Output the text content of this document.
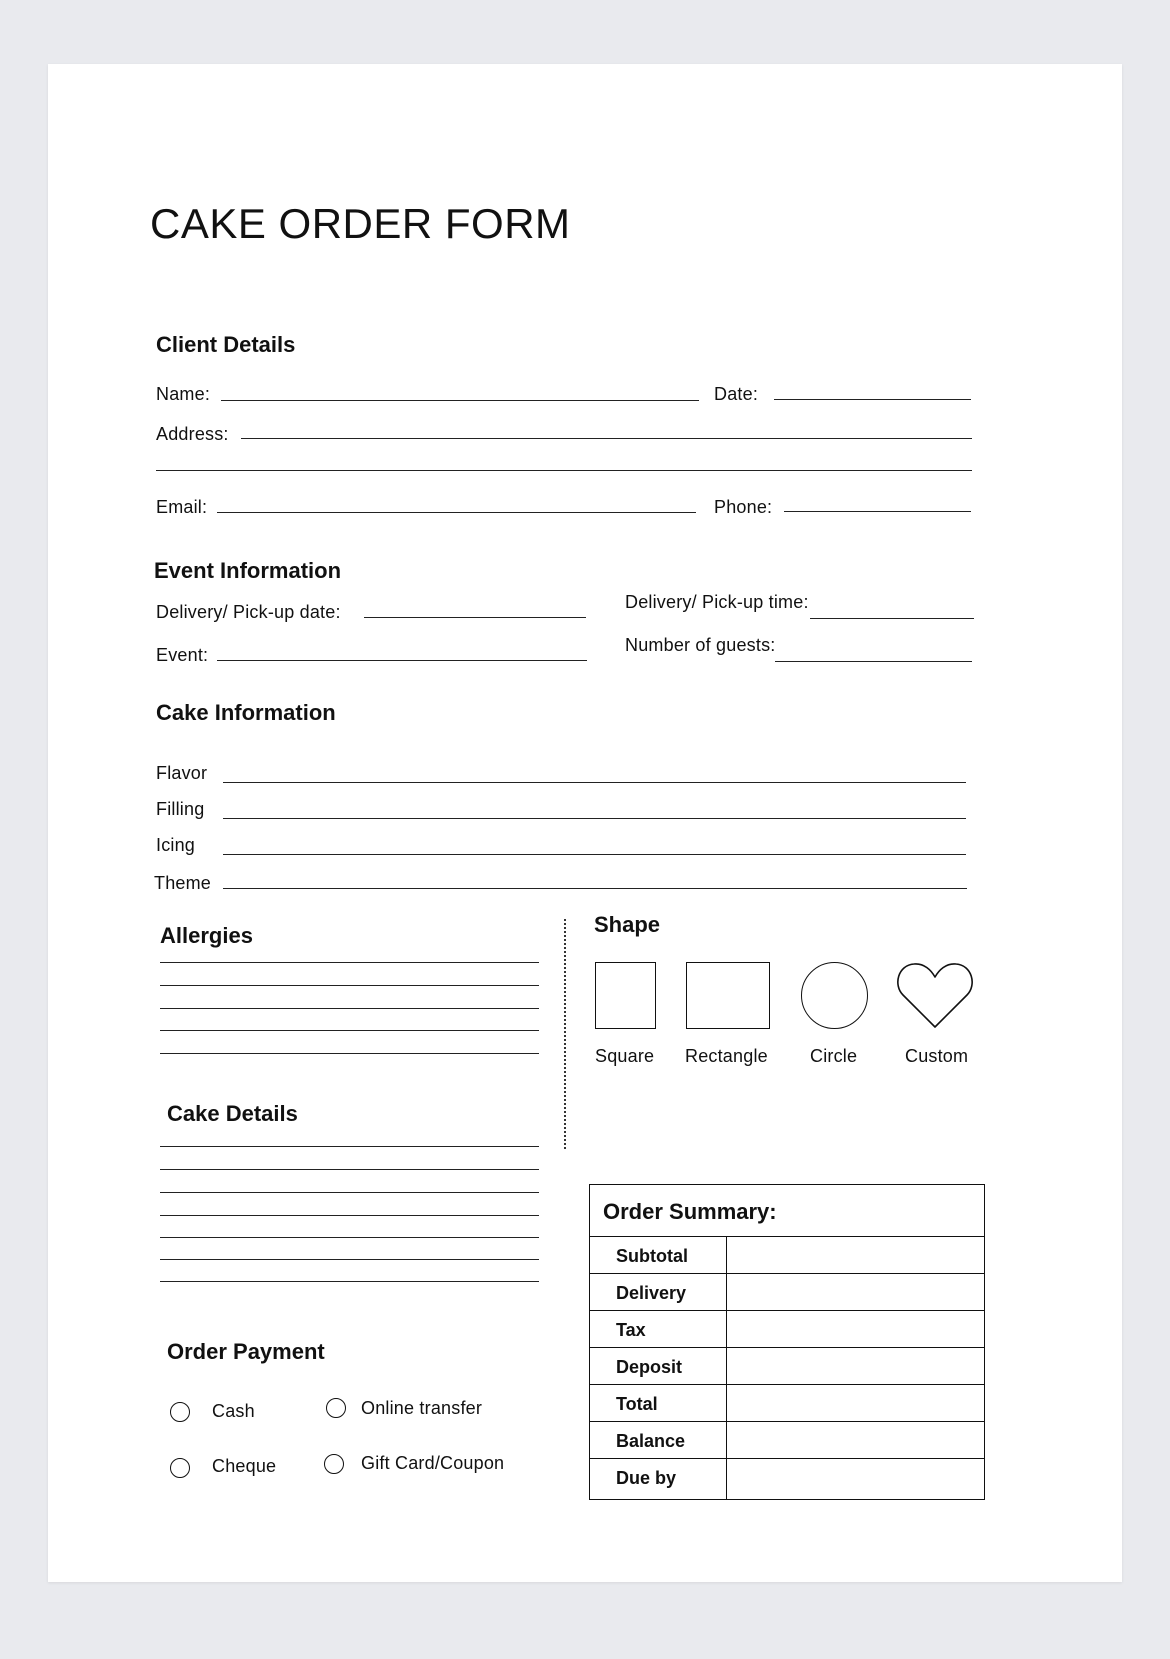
CAKE ORDER FORM
Client Details
Name:	Date:
Address:
Email:	Phone:
Event Information
Delivery/ Pick-up date:	Delivery/ Pick-up time:
Event:	Number of guests:
Cake Information
Flavor
Filling
Icing
Theme
Allergies	Shape
Square Rectangle Circle	Custom
Cake Details
Order Payment
Cash	Online transfer
Cheque	Gift Card/Coupon
Order Summary:
Subtotal
Delivery
Tax
Deposit
Total
Balance
Due by
